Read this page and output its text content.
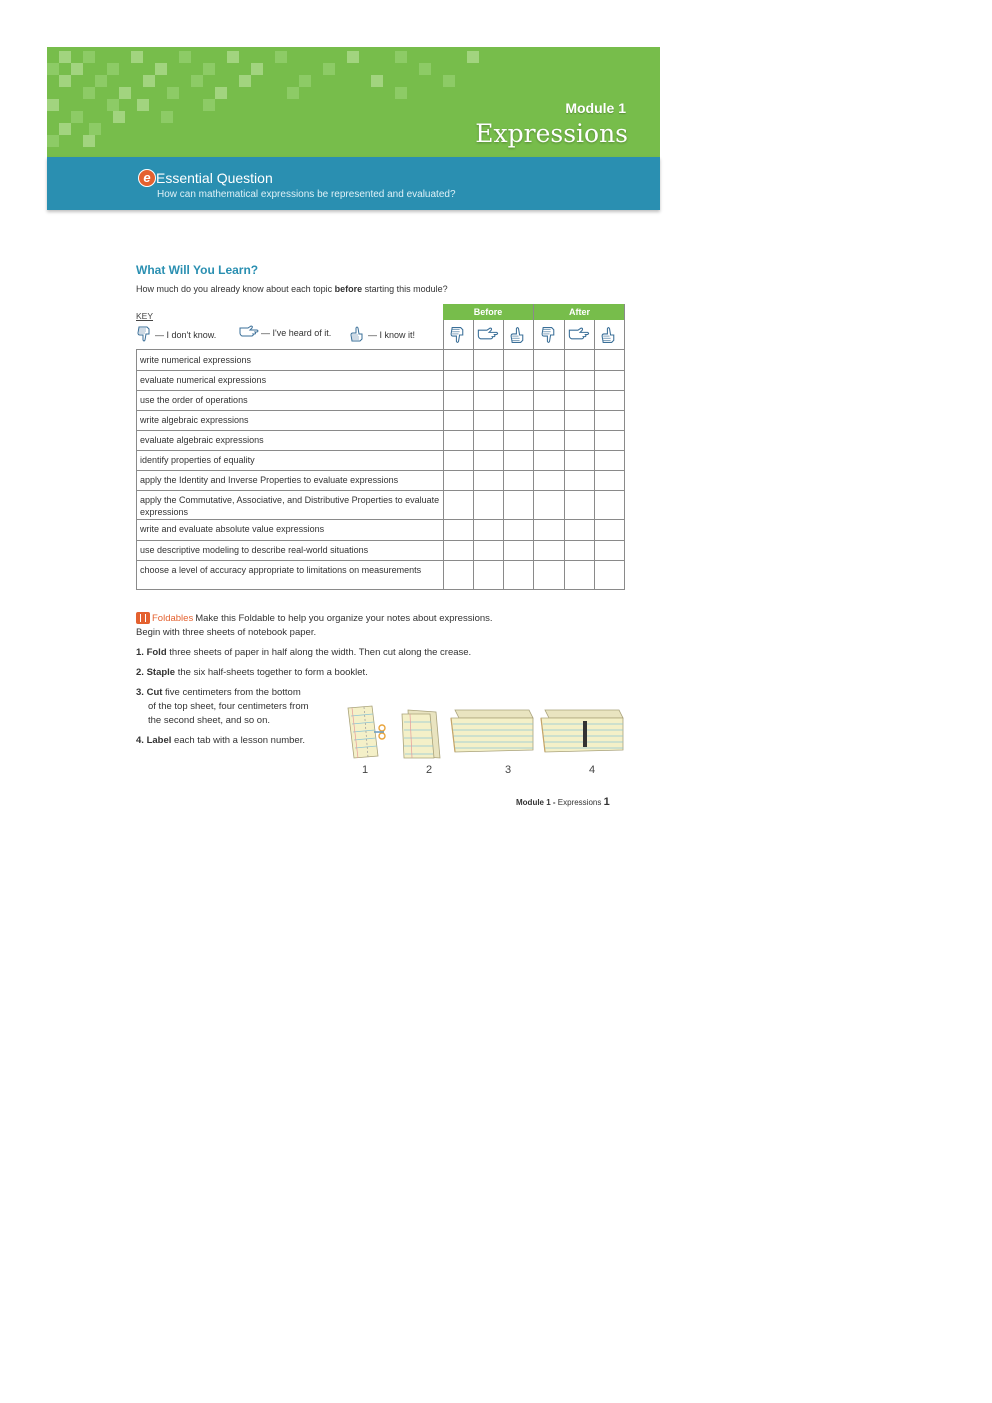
Module 1
Expressions
e Essential Question
How can mathematical expressions be represented and evaluated?
What Will You Learn?
How much do you already know about each topic before starting this module?
KEY
— I don't know.	— I've heard of it.	— I know it!
Before	After
write numerical expressions
evaluate numerical expressions
use the order of operations
write algebraic expressions
evaluate algebraic expressions
identify properties of equality
apply the Identity and Inverse Properties to evaluate expressions
apply the Commutative, Associative, and Distributive Properties to evaluate expressions
write and evaluate absolute value expressions
use descriptive modeling to describe real-world situations
choose a level of accuracy appropriate to limitations on measurements
Foldables Make this Foldable to help you organize your notes about expressions.
Begin with three sheets of notebook paper.
1. Fold three sheets of paper in half along the width. Then cut along the crease.
2. Staple the six half-sheets together to form a booklet.
3. Cut five centimeters from the bottom
of the top sheet, four centimeters from
the second sheet, and so on.
4. Label each tab with a lesson number.
1	2	3	4
Module 1 - Expressions 1
